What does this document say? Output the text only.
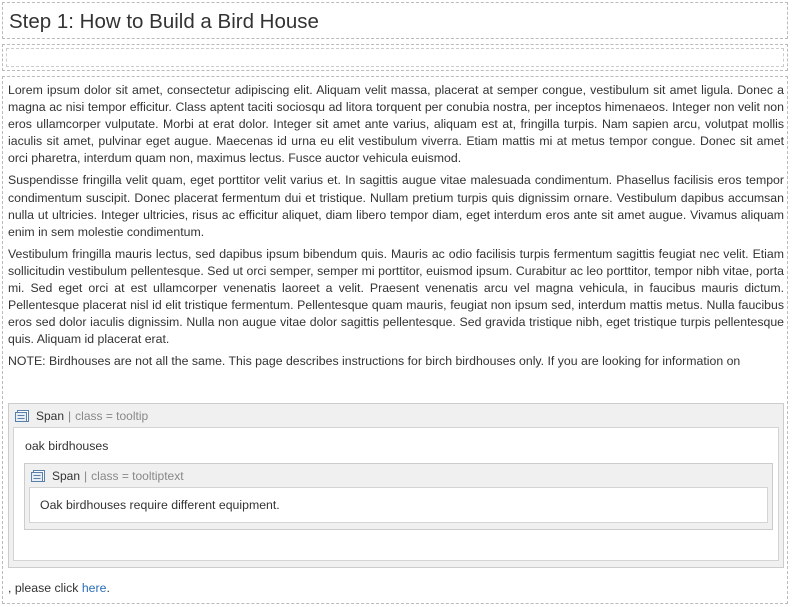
Step 1: How to Build a Bird House

Lorem ipsum dolor sit amet, consectetur adipiscing elit. Aliquam velit massa, placerat at semper congue, vestibulum sit amet ligula. Donec a magna ac nisi tempor efficitur. Class aptent taciti sociosqu ad litora torquent per conubia nostra, per inceptos himenaeos. Integer non velit non eros ullamcorper vulputate. Morbi at erat dolor. Integer sit amet ante varius, aliquam est at, fringilla turpis. Nam sapien arcu, volutpat mollis iaculis sit amet, pulvinar eget augue. Maecenas id urna eu elit vestibulum viverra. Etiam mattis mi at metus tempor congue. Donec sit amet orci pharetra, interdum quam non, maximus lectus. Fusce auctor vehicula euismod.

Suspendisse fringilla velit quam, eget porttitor velit varius et. In sagittis augue vitae malesuada condimentum. Phasellus facilisis eros tempor condimentum suscipit. Donec placerat fermentum dui et tristique. Nullam pretium turpis quis dignissim ornare. Vestibulum dapibus accumsan nulla ut ultricies. Integer ultricies, risus ac efficitur aliquet, diam libero tempor diam, eget interdum eros ante sit amet augue. Vivamus aliquam enim in sem molestie condimentum.

Vestibulum fringilla mauris lectus, sed dapibus ipsum bibendum quis. Mauris ac odio facilisis turpis fermentum sagittis feugiat nec velit. Etiam sollicitudin vestibulum pellentesque. Sed ut orci semper, semper mi porttitor, euismod ipsum. Curabitur ac leo porttitor, tempor nibh vitae, porta mi. Sed eget orci at est ullamcorper venenatis laoreet a velit. Praesent venenatis arcu vel magna vehicula, in faucibus mauris dictum. Pellentesque placerat nisl id elit tristique fermentum. Pellentesque quam mauris, feugiat non ipsum sed, interdum mattis metus. Nulla faucibus eros sed dolor iaculis dignissim. Nulla non augue vitae dolor sagittis pellentesque. Sed gravida tristique nibh, eget tristique turpis pellentesque quis. Aliquam id placerat erat.

NOTE: Birdhouses are not all the same. This page describes instructions for birch birdhouses only. If you are looking for information on

Span | class = tooltip
oak birdhouses
Span | class = tooltiptext
Oak birdhouses require different equipment.
, please click here.
